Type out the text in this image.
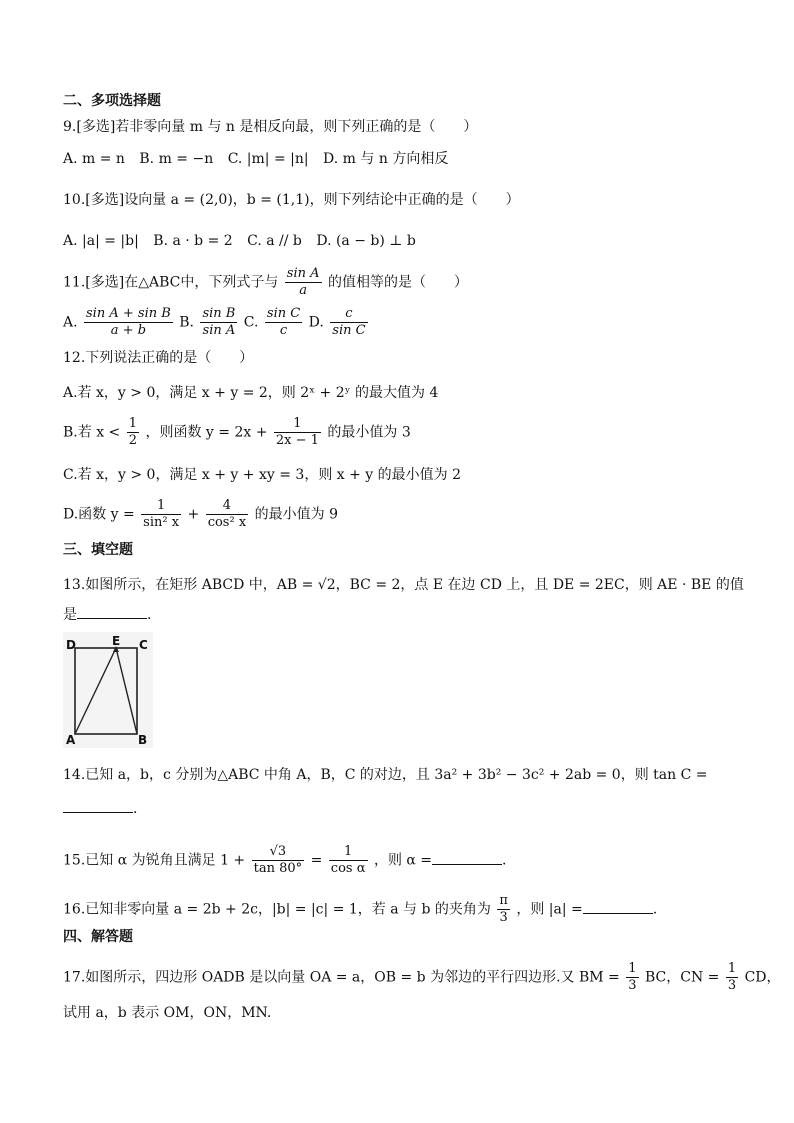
二、多项选择题
9.[多选]若非零向量 m 与 n 是相反向最，则下列正确的是（　　）
A. m = n B. m = −n C. |m| = |n| D. m 与 n 方向相反
10.[多选]设向量 a = (2,0)，b = (1,1)，则下列结论中正确的是（　　）
A. |a| = |b| B. a · b = 2 C. a // b D. (a − b) ⊥ b
11.[多选]在△ABC中，下列式子与 $\frac{\text{sin A}}{a}$ 的值相等的是（　　）
A. $\frac{\text{sin A + sin B}}{a + b} B$. $\frac{\text{sin B}}{\text{sin A}} C$. $\frac{\text{sin C}}{c} D$. $\frac{c}{\text{sin C}}$
12.下列说法正确的是（　　）
A.若 x，y > 0，满足 x + y = 2，则 2ˣ + 2ʸ 的最大值为 4
B.若 $x < \frac{1}{2}$ ，则函数 $y = 2x + \frac{1}{2x - 1}$ 的最小值为 3
C.若 x，y > 0，满足 x + y + xy = 3，则 x + y 的最小值为 2
D.函数 $y = \frac{1}{\text{sin² x}} + \frac{4}{\text{cos² x}}$ 的最小值为 9
三、填空题
13.如图所示，在矩形 ABCD 中，AB = √2，BC = 2，点 E 在边 CD 上，且 DE = 2EC，则 AE · BE 的值
是	.
D	E C
A	B
14.已知 a，b，c 分别为△ABC 中角 A，B，C 的对边，且 3a² + 3b² − 3c² + 2ab = 0，则 tan C =
.
15.已知 α 为锐角且满足 $1 + \frac{√3}{\tan 80^\circ} = \frac{1}{\text{cos α}}$ ，则 α =	.
16.已知非零向量 a = 2b + 2c，|b| = |c| = 1，若 a 与 b 的夹角为 $\frac{\pi}{3}$ ，则 |a| =	.
四、解答题
17.如图所示，四边形 OADB 是以向量 OA = a，OB = b 为邻边的平行四边形.又 BM = $\frac{1}{3}$ BC，CN = $\frac{1}{3}$ CD，
试用 a，b 表示 OM，ON，MN.
